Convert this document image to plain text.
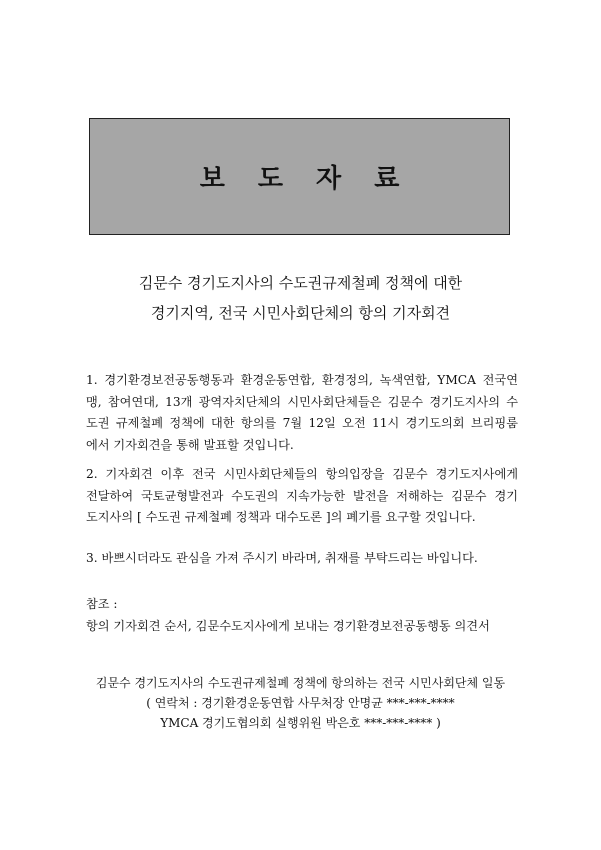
보 도 자 료
김문수 경기도지사의 수도권규제철폐 정책에 대한
경기지역, 전국 시민사회단체의 항의 기자회견
1. 경기환경보전공동행동과 환경운동연합, 환경정의, 녹색연합, YMCA 전국연
맹, 참여연대, 13개 광역자치단체의 시민사회단체들은 김문수 경기도지사의 수
도권 규제철폐 정책에 대한 항의를 7월 12일 오전 11시 경기도의회 브리핑룸
에서 기자회견을 통해 발표할 것입니다.
2. 기자회견 이후 전국 시민사회단체들의 항의입장을 김문수 경기도지사에게
전달하여 국토균형발전과 수도권의 지속가능한 발전을 저해하는 김문수 경기
도지사의 [ 수도권 규제철폐 정책과 대수도론 ]의 폐기를 요구할 것입니다.
3. 바쁘시더라도 관심을 가져 주시기 바라며, 취재를 부탁드리는 바입니다.
참조 :
항의 기자회견 순서, 김문수도지사에게 보내는 경기환경보전공동행동 의견서
김문수 경기도지사의 수도권규제철폐 정책에 항의하는 전국 시민사회단체 일동
( 연락처 : 경기환경운동연합 사무처장 안명균 ***-***-****
YMCA 경기도협의회 실행위원 박은호 ***-***-**** )
